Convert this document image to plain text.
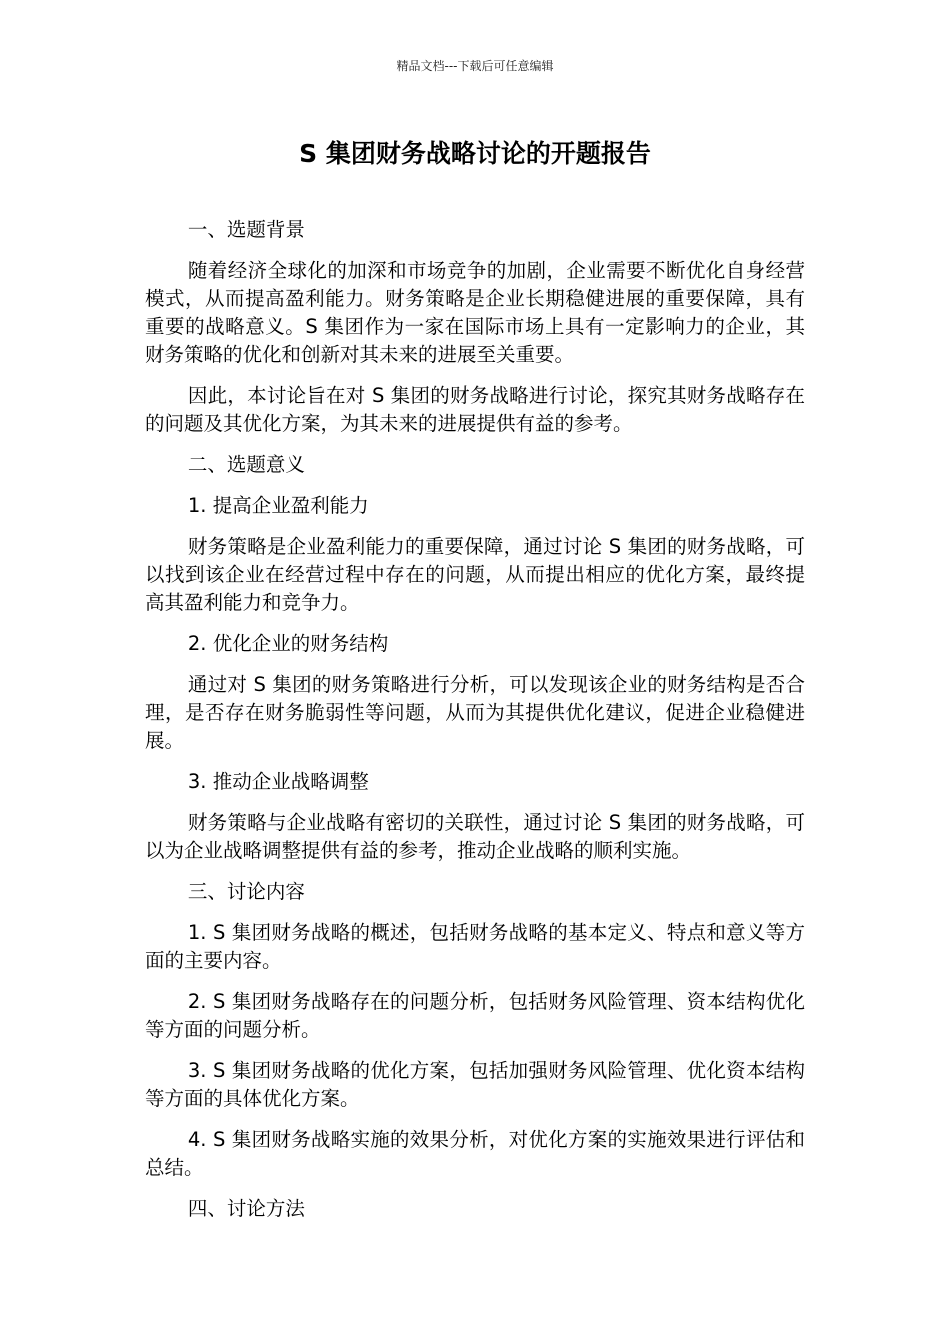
精品文档---下载后可任意编辑
S 集团财务战略讨论的开题报告

一、选题背景

随着经济全球化的加深和市场竞争的加剧，企业需要不断优化自身经营模式，从而提高盈利能力。财务策略是企业长期稳健进展的重要保障，具有重要的战略意义。S 集团作为一家在国际市场上具有一定影响力的企业，其财务策略的优化和创新对其未来的进展至关重要。

因此，本讨论旨在对 S 集团的财务战略进行讨论，探究其财务战略存在的问题及其优化方案，为其未来的进展提供有益的参考。

二、选题意义

1. 提高企业盈利能力

财务策略是企业盈利能力的重要保障，通过讨论 S 集团的财务战略，可以找到该企业在经营过程中存在的问题，从而提出相应的优化方案，最终提高其盈利能力和竞争力。

2. 优化企业的财务结构

通过对 S 集团的财务策略进行分析，可以发现该企业的财务结构是否合理，是否存在财务脆弱性等问题，从而为其提供优化建议，促进企业稳健进展。

3. 推动企业战略调整

财务策略与企业战略有密切的关联性，通过讨论 S 集团的财务战略，可以为企业战略调整提供有益的参考，推动企业战略的顺利实施。

三、讨论内容

1. S 集团财务战略的概述，包括财务战略的基本定义、特点和意义等方面的主要内容。

2. S 集团财务战略存在的问题分析，包括财务风险管理、资本结构优化等方面的问题分析。

3. S 集团财务战略的优化方案，包括加强财务风险管理、优化资本结构等方面的具体优化方案。

4. S 集团财务战略实施的效果分析，对优化方案的实施效果进行评估和总结。

四、讨论方法
